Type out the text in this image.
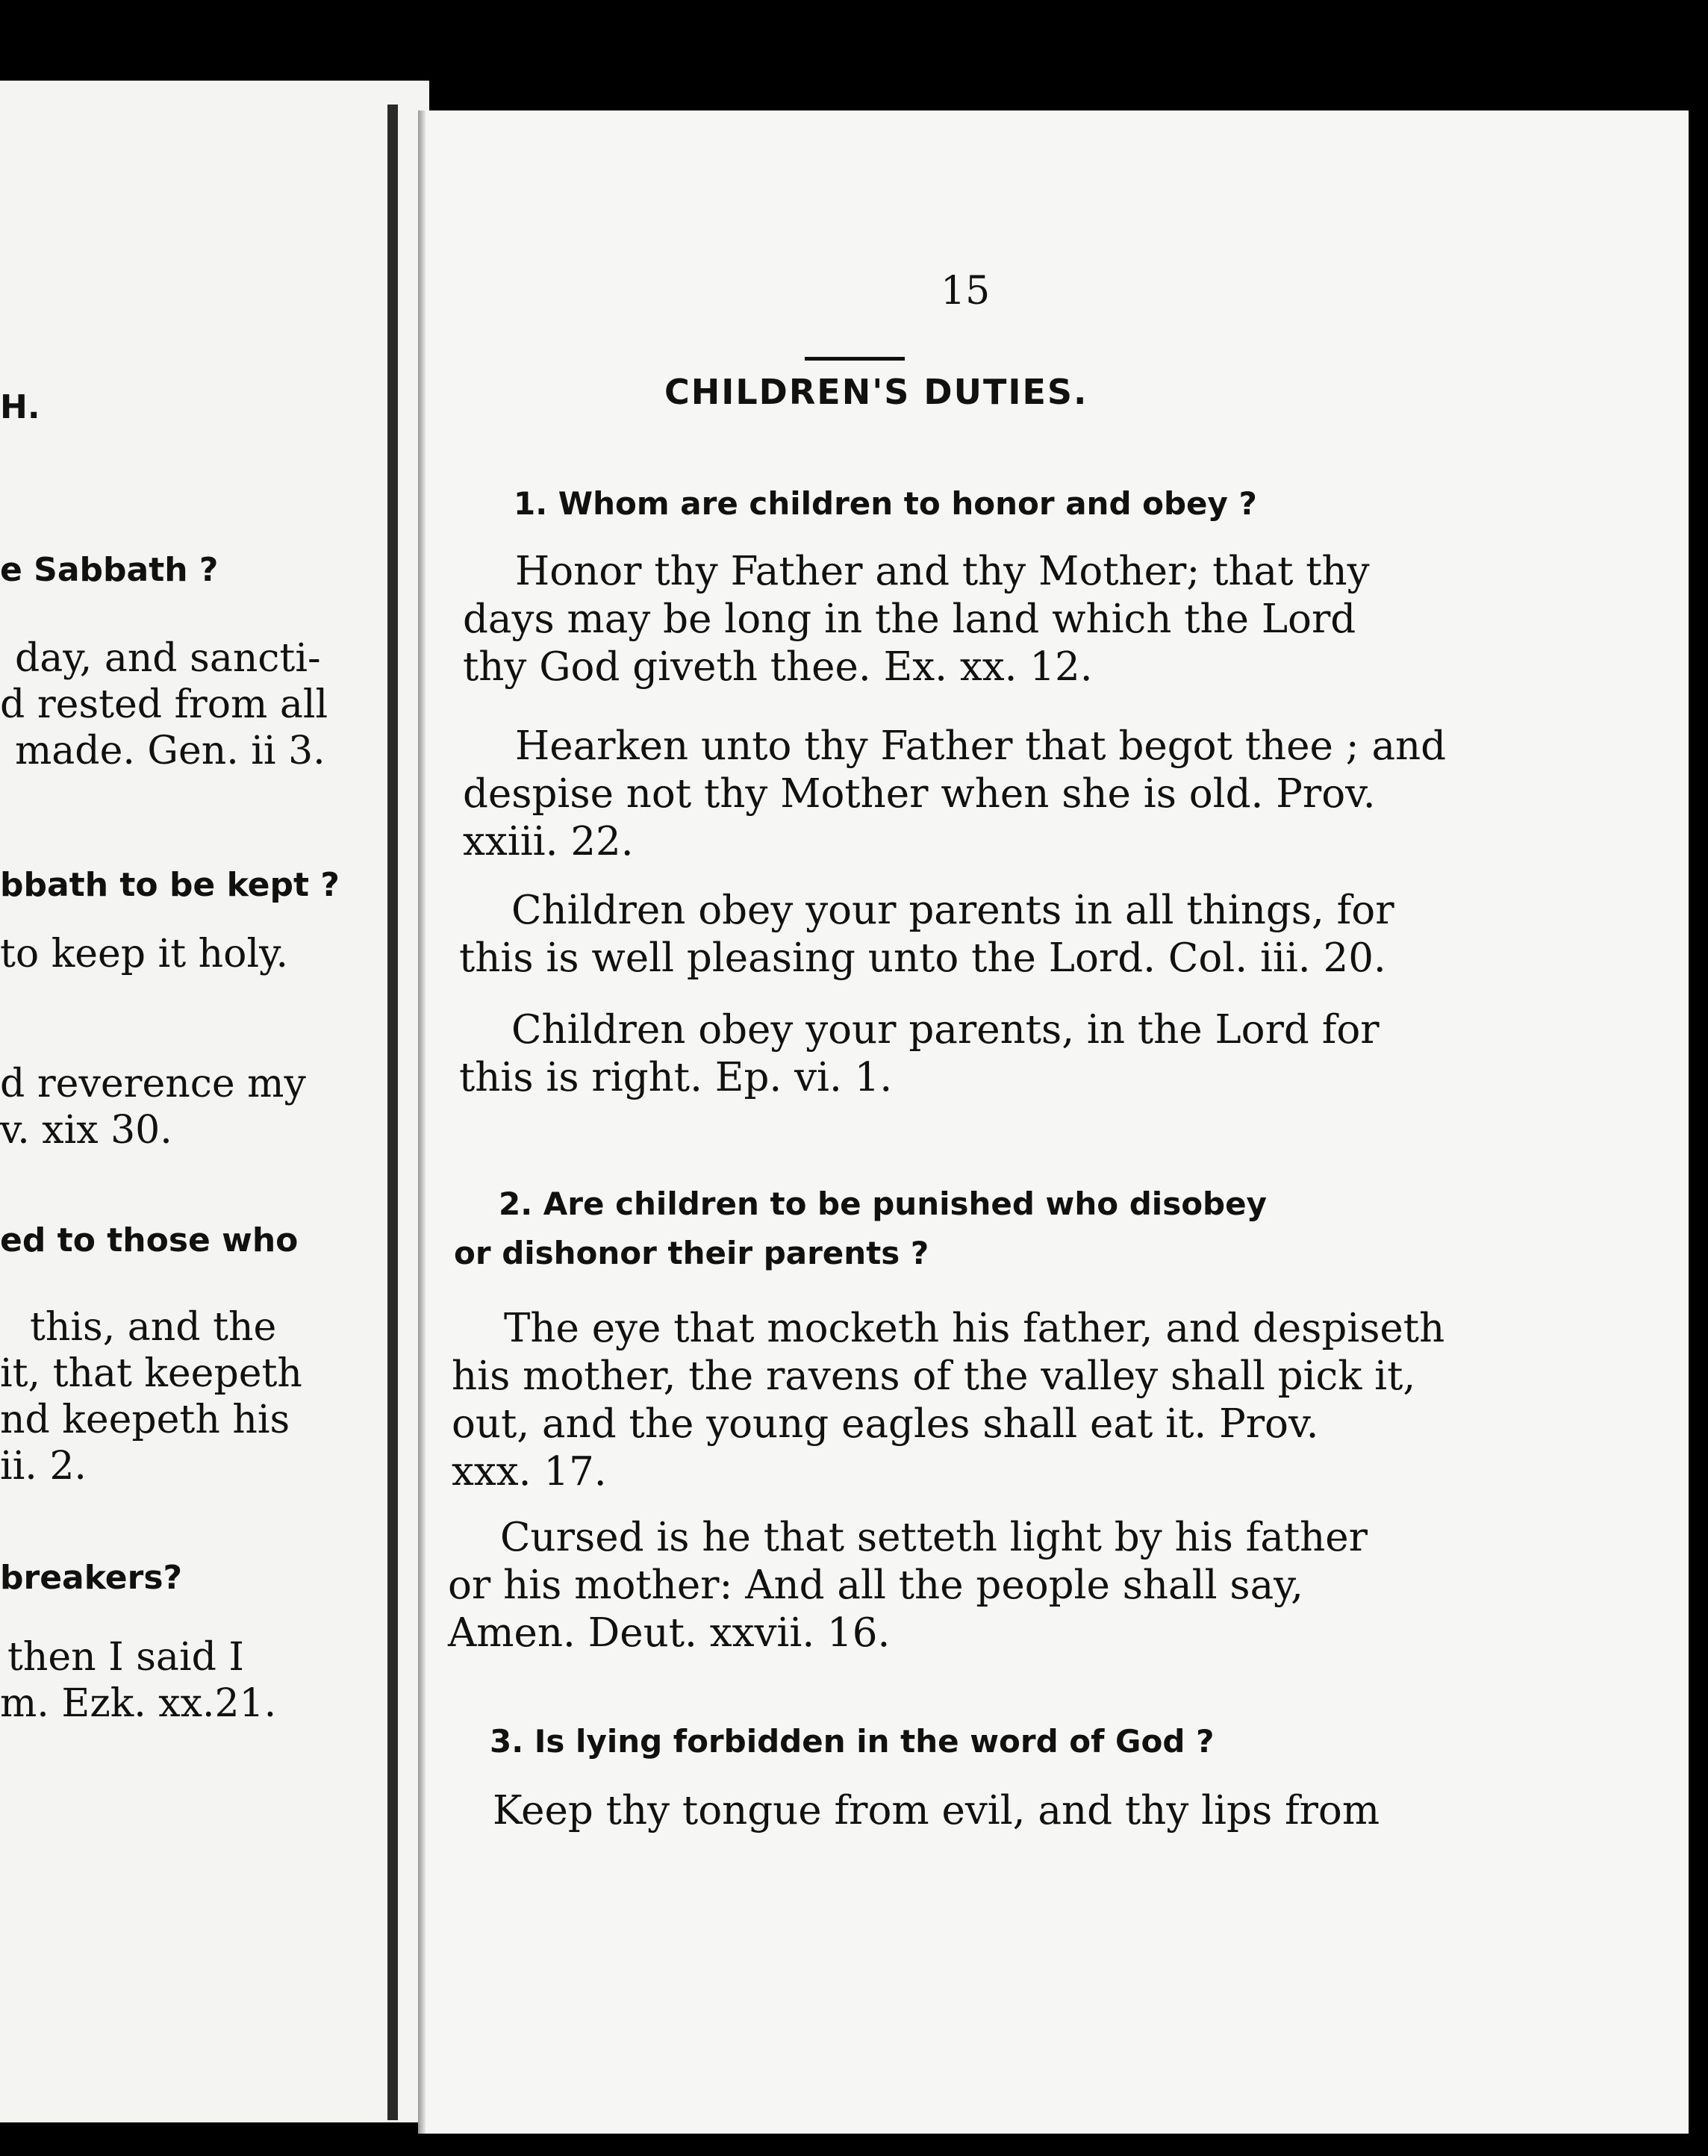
H.
e Sabbath ?
day, and sancti-
d rested from all
made. Gen. ii 3.
bbath to be kept ?
to keep it holy.
d reverence my
v. xix 30.
ed to those who
this, and the
it, that keepeth
nd keepeth his
ii. 2.
breakers?
then I said I
m. Ezk. xx.21.
15
CHILDREN'S DUTIES.
1. Whom are children to honor and obey ?
Honor thy Father and thy Mother; that thy
days may be long in the land which the Lord
thy God giveth thee. Ex. xx. 12.
Hearken unto thy Father that begot thee ; and
despise not thy Mother when she is old. Prov.
xxiii. 22.
Children obey your parents in all things, for
this is well pleasing unto the Lord. Col. iii. 20.
Children obey your parents, in the Lord for
this is right. Ep. vi. 1.
2. Are children to be punished who disobey
or dishonor their parents ?
The eye that mocketh his father, and despiseth
his mother, the ravens of the valley shall pick it,
out, and the young eagles shall eat it. Prov.
xxx. 17.
Cursed is he that setteth light by his father
or his mother: And all the people shall say,
Amen. Deut. xxvii. 16.
3. Is lying forbidden in the word of God ?
Keep thy tongue from evil, and thy lips from
